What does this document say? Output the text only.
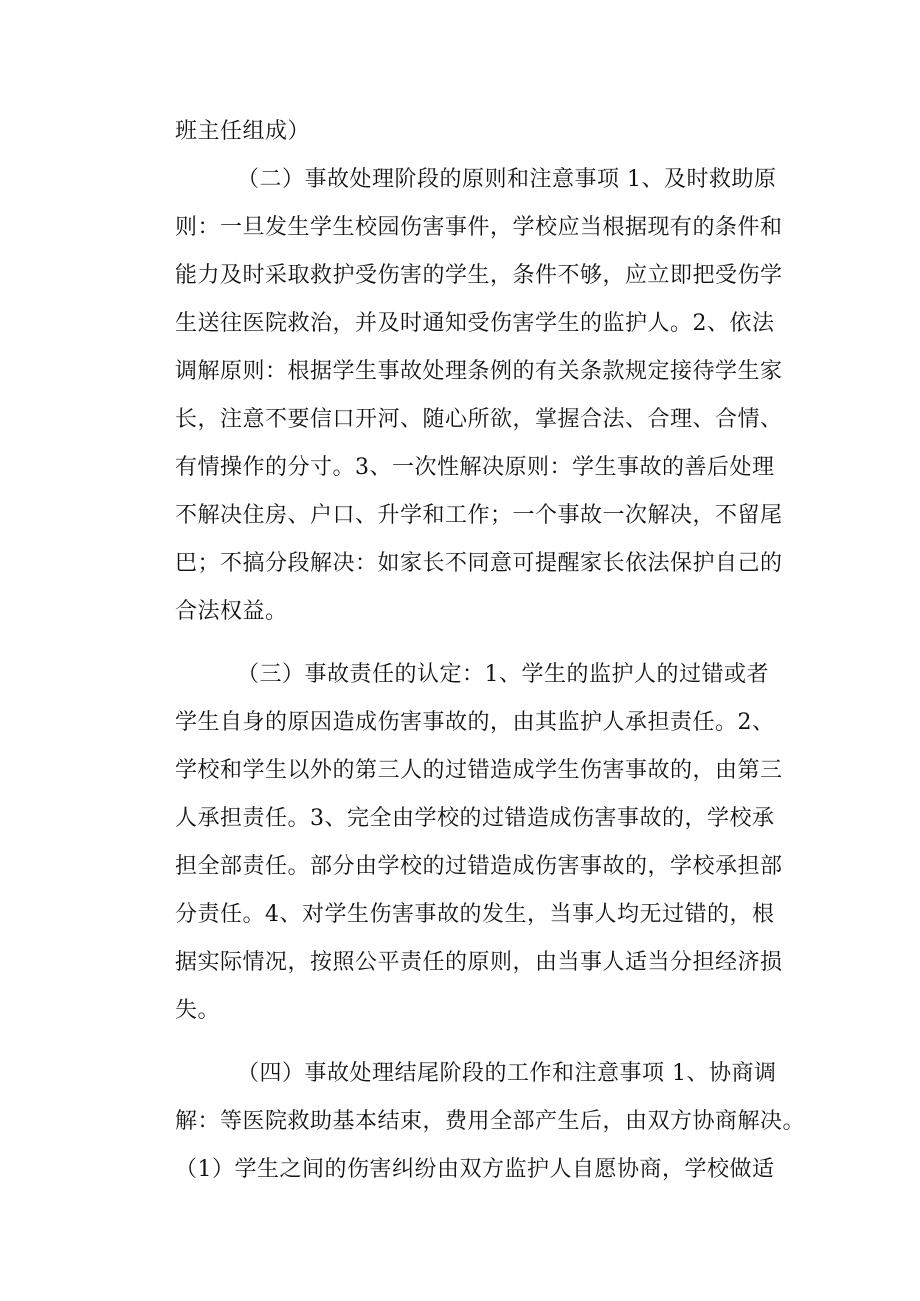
班主任组成）
（二）事故处理阶段的原则和注意事项 1、及时救助原
则：一旦发生学生校园伤害事件，学校应当根据现有的条件和
能力及时采取救护受伤害的学生，条件不够，应立即把受伤学
生送往医院救治，并及时通知受伤害学生的监护人。2、依法
调解原则：根据学生事故处理条例的有关条款规定接待学生家
长，注意不要信口开河、随心所欲，掌握合法、合理、合情、
有情操作的分寸。3、一次性解决原则：学生事故的善后处理
不解决住房、户口、升学和工作；一个事故一次解决，不留尾
巴；不搞分段解决：如家长不同意可提醒家长依法保护自己的
合法权益。
（三）事故责任的认定：1、学生的监护人的过错或者
学生自身的原因造成伤害事故的，由其监护人承担责任。2、
学校和学生以外的第三人的过错造成学生伤害事故的，由第三
人承担责任。3、完全由学校的过错造成伤害事故的，学校承
担全部责任。部分由学校的过错造成伤害事故的，学校承担部
分责任。4、对学生伤害事故的发生，当事人均无过错的，根
据实际情况，按照公平责任的原则，由当事人适当分担经济损
失。
（四）事故处理结尾阶段的工作和注意事项 1、协商调
解：等医院救助基本结束，费用全部产生后，由双方协商解决。
（1）学生之间的伤害纠纷由双方监护人自愿协商，学校做适
